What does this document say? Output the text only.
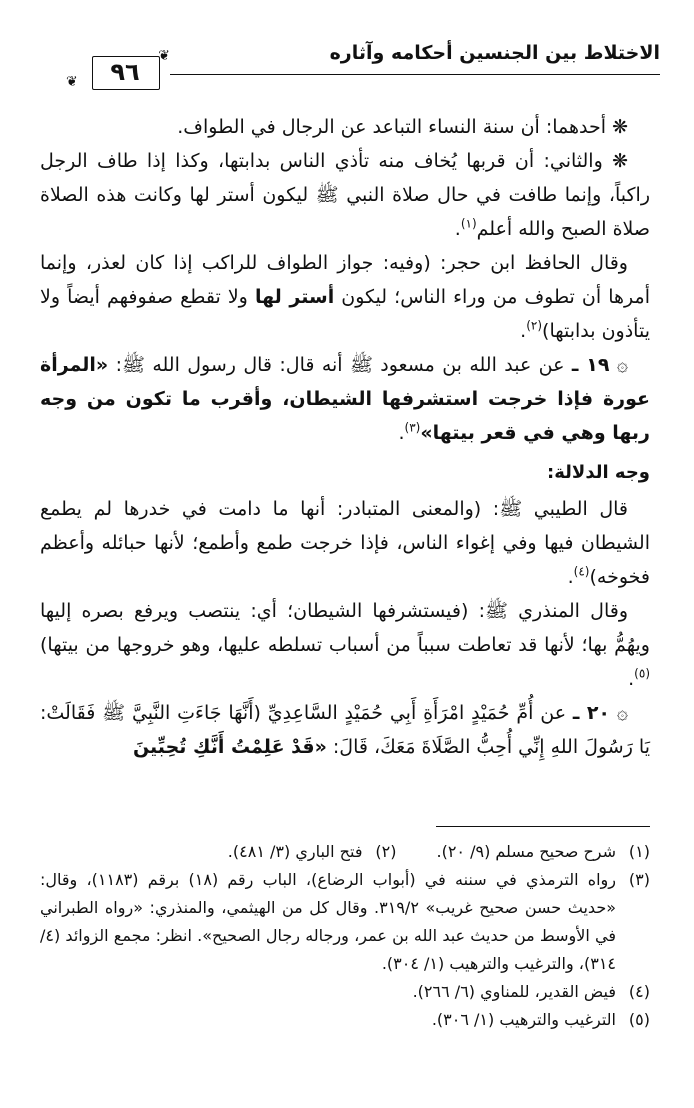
الاختلاط بين الجنسين أحكامه وآثاره
❦
٩٦
❦

❋ أحدهما: أن سنة النساء التباعد عن الرجال في الطواف.

❋ والثاني: أن قربها يُخاف منه تأذي الناس بدابتها، وكذا إذا طاف الرجل راكباً، وإنما طافت في حال صلاة النبي ﷺ ليكون أستر لها وكانت هذه الصلاة صلاة الصبح والله أعلم$^{(١)}$.

وقال الحافظ ابن حجر: (وفيه: جواز الطواف للراكب إذا كان لعذر، وإنما أمرها أن تطوف من وراء الناس؛ ليكون أستر لها ولا تقطع صفوفهم أيضاً ولا يتأذون بدابتها)$^{(٢)}$.

۞ ١٩ ـ عن عبد الله بن مسعود ﷺ أنه قال: قال رسول الله ﷺ: «المرأة عورة فإذا خرجت استشرفها الشيطان، وأقرب ما تكون من وجه ربها وهي في قعر بيتها»$^{(٣)}$.

وجه الدلالة:

قال الطيبي ﷺ: (والمعنى المتبادر: أنها ما دامت في خدرها لم يطمع الشيطان فيها وفي إغواء الناس، فإذا خرجت طمع وأطمع؛ لأنها حبائله وأعظم فخوخه)$^{(٤)}$.

وقال المنذري ﷺ: (فيستشرفها الشيطان؛ أي: ينتصب ويرفع بصره إليها ويهُمُّ بها؛ لأنها قد تعاطت سبباً من أسباب تسلطه عليها، وهو خروجها من بيتها)$^{(٥)}$.

۞ ٢٠ ـ عن أُمِّ حُمَيْدٍ امْرَأَةِ أَبِي حُمَيْدٍ السَّاعِدِيِّ (أَنَّهَا جَاءَتِ النَّبِيَّ ﷺ فَقَالَتْ: يَا رَسُولَ اللهِ إِنِّي أُحِبُّ الصَّلَاةَ مَعَكَ، قَالَ: «قَدْ عَلِمْتُ أَنَّكِ تُحِبِّينَ

(١)
شرح صحيح مسلم (٩/ ٢٠).
(٢)
فتح الباري (٣/ ٤٨١).
(٣)
رواه الترمذي في سننه في (أبواب الرضاع)، الباب رقم (١٨) برقم (١١٨٣)، وقال: «حديث حسن صحيح غريب» ٣١٩/٢. وقال كل من الهيثمي، والمنذري: «رواه الطبراني في الأوسط من حديث عبد الله بن عمر، ورجاله رجال الصحيح». انظر: مجمع الزوائد (٤/ ٣١٤)، والترغيب والترهيب (١/ ٣٠٤).
(٤)
فيض القدير، للمناوي (٦/ ٢٦٦).
(٥)
الترغيب والترهيب (١/ ٣٠٦).
